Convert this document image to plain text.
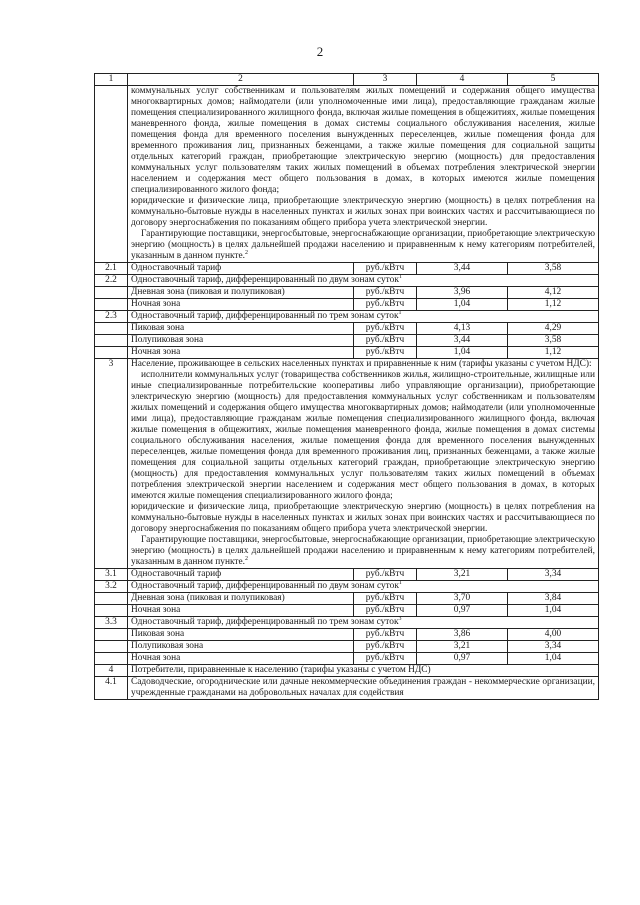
2
1	2	3	4	5

	коммунальных услуг собственникам и пользователям жилых помещений и содержания общего имущества многоквартирных домов; наймодатели (или уполномоченные ими лица), предоставляющие гражданам жилые помещения специализированного жилищного фонда, включая жилые помещения в общежитиях, жилые помещения маневренного фонда, жилые помещения в домах системы социального обслуживания населения, жилые помещения фонда для временного поселения вынужденных переселенцев, жилые помещения фонда для временного проживания лиц, признанных беженцами, а также жилые помещения для социальной защиты отдельных категорий граждан, приобретающие электрическую энергию (мощность) для предоставления коммунальных услуг пользователям таких жилых помещений в объемах потребления электрической энергии населением и содержания мест общего пользования в домах, в которых имеются жилые помещения специализированного жилого фонда;

юридические и физические лица, приобретающие электрическую энергию (мощность) в целях потребления на коммунально-бытовые нужды в населенных пунктах и жилых зонах при воинских частях и рассчитывающиеся по договору энергоснабжения по показаниям общего прибора учета электрической энергии.

Гарантирующие поставщики, энергосбытовые, энергоснабжающие организации, приобретающие электрическую энергию (мощность) в целях дальнейшей продажи населению и приравненным к нему категориям потребителей, указанным в данном пункте.$^2$

2.1	Одноставочный тариф	руб./кВтч	3,44	3,58
2.2	Одноставочный тариф, дифференцированный по двум зонам суток$^1$
	Дневная зона (пиковая и полупиковая)	руб./кВтч	3,96	4,12
	Ночная зона	руб./кВтч	1,04	1,12
2.3	Одноставочный тариф, дифференцированный по трем зонам суток$^1$
	Пиковая зона	руб./кВтч	4,13	4,29
	Полупиковая зона	руб./кВтч	3,44	3,58
	Ночная зона	руб./кВтч	1,04	1,12
3	Население, проживающее в сельских населенных пунктах и приравненные к ним (тарифы указаны с учетом НДС):

исполнители коммунальных услуг (товарищества собственников жилья, жилищно-строительные, жилищные или иные специализированные потребительские кооперативы либо управляющие организации), приобретающие электрическую энергию (мощность) для предоставления коммунальных услуг собственникам и пользователям жилых помещений и содержания общего имущества многоквартирных домов; наймодатели (или уполномоченные ими лица), предоставляющие гражданам жилые помещения специализированного жилищного фонда, включая жилые помещения в общежитиях, жилые помещения маневренного фонда, жилые помещения в домах системы социального обслуживания населения, жилые помещения фонда для временного поселения вынужденных переселенцев, жилые помещения фонда для временного проживания лиц, признанных беженцами, а также жилые помещения для социальной защиты отдельных категорий граждан, приобретающие электрическую энергию (мощность) для предоставления коммунальных услуг пользователям таких жилых помещений в объемах потребления электрической энергии населением и содержания мест общего пользования в домах, в которых имеются жилые помещения специализированного жилого фонда;

юридические и физические лица, приобретающие электрическую энергию (мощность) в целях потребления на коммунально-бытовые нужды в населенных пунктах и жилых зонах при воинских частях и рассчитывающиеся по договору энергоснабжения по показаниям общего прибора учета электрической энергии.

Гарантирующие поставщики, энергосбытовые, энергоснабжающие организации, приобретающие электрическую энергию (мощность) в целях дальнейшей продажи населению и приравненным к нему категориям потребителей, указанным в данном пункте.$^2$

3.1	Одноставочный тариф	руб./кВтч	3,21	3,34
3.2	Одноставочный тариф, дифференцированный по двум зонам суток$^1$
	Дневная зона (пиковая и полупиковая)	руб./кВтч	3,70	3,84
	Ночная зона	руб./кВтч	0,97	1,04
3.3	Одноставочный тариф, дифференцированный по трем зонам суток$^3$
	Пиковая зона	руб./кВтч	3,86	4,00
	Полупиковая зона	руб./кВтч	3,21	3,34
	Ночная зона	руб./кВтч	0,97	1,04
4	Потребители, приравненные к населению (тарифы указаны с учетом НДС)			
4.1	Садоводческие, огороднические или дачные некоммерческие объединения граждан - некоммерческие организации, учрежденные гражданами на добровольных началах для содействия			
